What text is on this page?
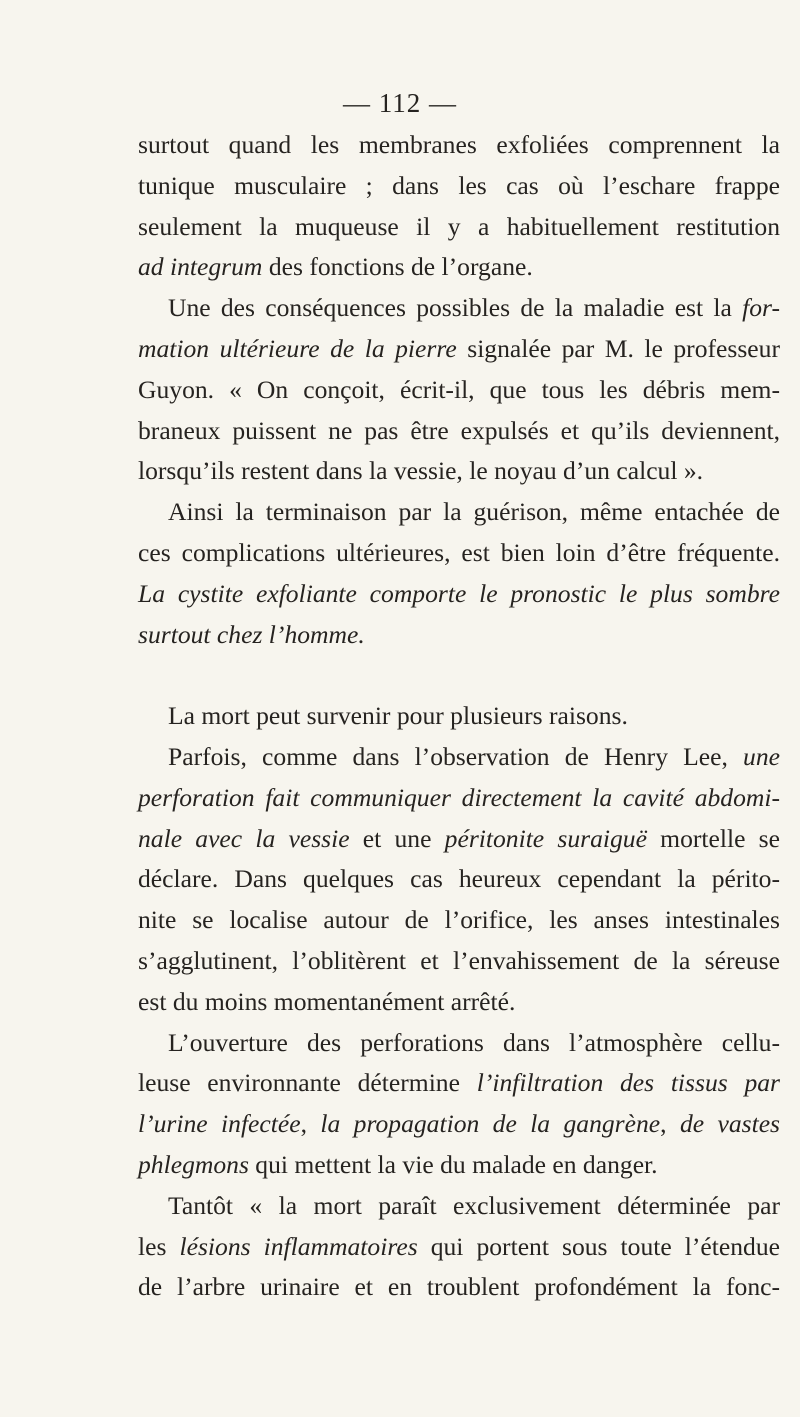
— 112 —
surtout quand les membranes exfoliées comprennent la
tunique musculaire ; dans les cas où l’eschare frappe
seulement la muqueuse il y a habituellement restitution
ad integrum des fonctions de l’organe.
Une des conséquences possibles de la maladie est la for-
mation ultérieure de la pierre signalée par M. le professeur
Guyon. « On conçoit, écrit-il, que tous les débris mem-
braneux puissent ne pas être expulsés et qu’ils deviennent,
lorsqu’ils restent dans la vessie, le noyau d’un calcul ».
Ainsi la terminaison par la guérison, même entachée de
ces complications ultérieures, est bien loin d’être fréquente.
La cystite exfoliante comporte le pronostic le plus sombre
surtout chez l’homme.
La mort peut survenir pour plusieurs raisons.
Parfois, comme dans l’observation de Henry Lee, une
perforation fait communiquer directement la cavité abdomi-
nale avec la vessie et une péritonite suraiguë mortelle se
déclare. Dans quelques cas heureux cependant la périto-
nite se localise autour de l’orifice, les anses intestinales
s’agglutinent, l’oblitèrent et l’envahissement de la séreuse
est du moins momentanément arrêté.
L’ouverture des perforations dans l’atmosphère cellu-
leuse environnante détermine l’infiltration des tissus par
l’urine infectée, la propagation de la gangrène, de vastes
phlegmons qui mettent la vie du malade en danger.
Tantôt « la mort paraît exclusivement déterminée par
les lésions inflammatoires qui portent sous toute l’étendue
de l’arbre urinaire et en troublent profondément la fonc-
